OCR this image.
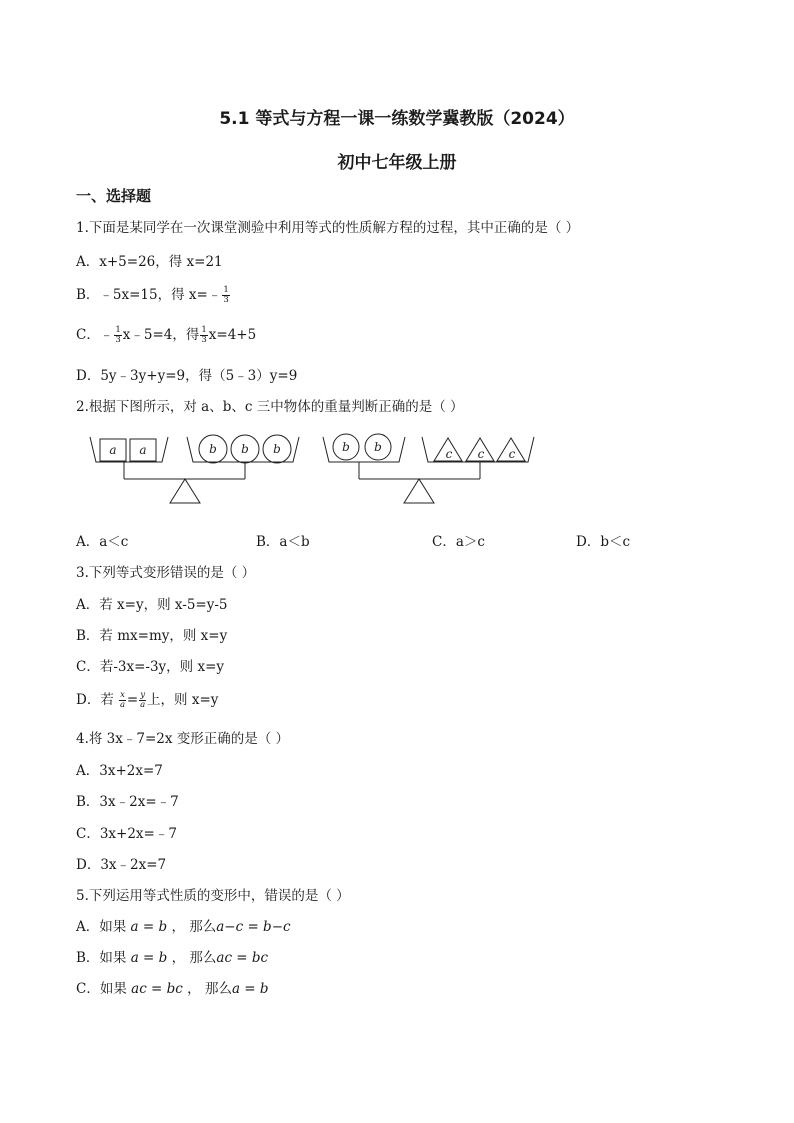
5.1 等式与方程一课一练数学冀教版（2024）
初中七年级上册
一、选择题
1.下面是某同学在一次课堂测验中利用等式的性质解方程的过程，其中正确的是（ ）
A．x+5=26，得 x=21
B．﹣5x=15，得 x=﹣ $\frac{1}{3}$
C．﹣ $\frac{1}{3}$ x﹣5=4，得 $\frac{1}{3} x=4+5$
D．5y﹣3y+y=9，得（5﹣3）y=9
2.根据下图所示，对 a、b、c 三中物体的重量判断正确的是（ ）
a a	b b b	b b	c c c
A．a＜c	B．a＜b	C．a＞c	D．b＜c
3.下列等式变形错误的是（ ）
A．若 x=y，则 x-5=y-5
B．若 mx=my，则 x=y
C．若-3x=-3y，则 x=y
D．若 $\frac{x}{a} = \frac{y}{a}$ 上，则 x=y
4.将 3x﹣7=2x 变形正确的是（ ）
A．3x+2x=7
B．3x﹣2x=﹣7
C．3x+2x=﹣7
D．3x﹣2x=7
5.下列运用等式性质的变形中，错误的是（ ）
A．如果 a = b ， 那么a−c = b−c
B．如果 a = b ， 那么ac = bc
C．如果 ac = bc ， 那么a = b
